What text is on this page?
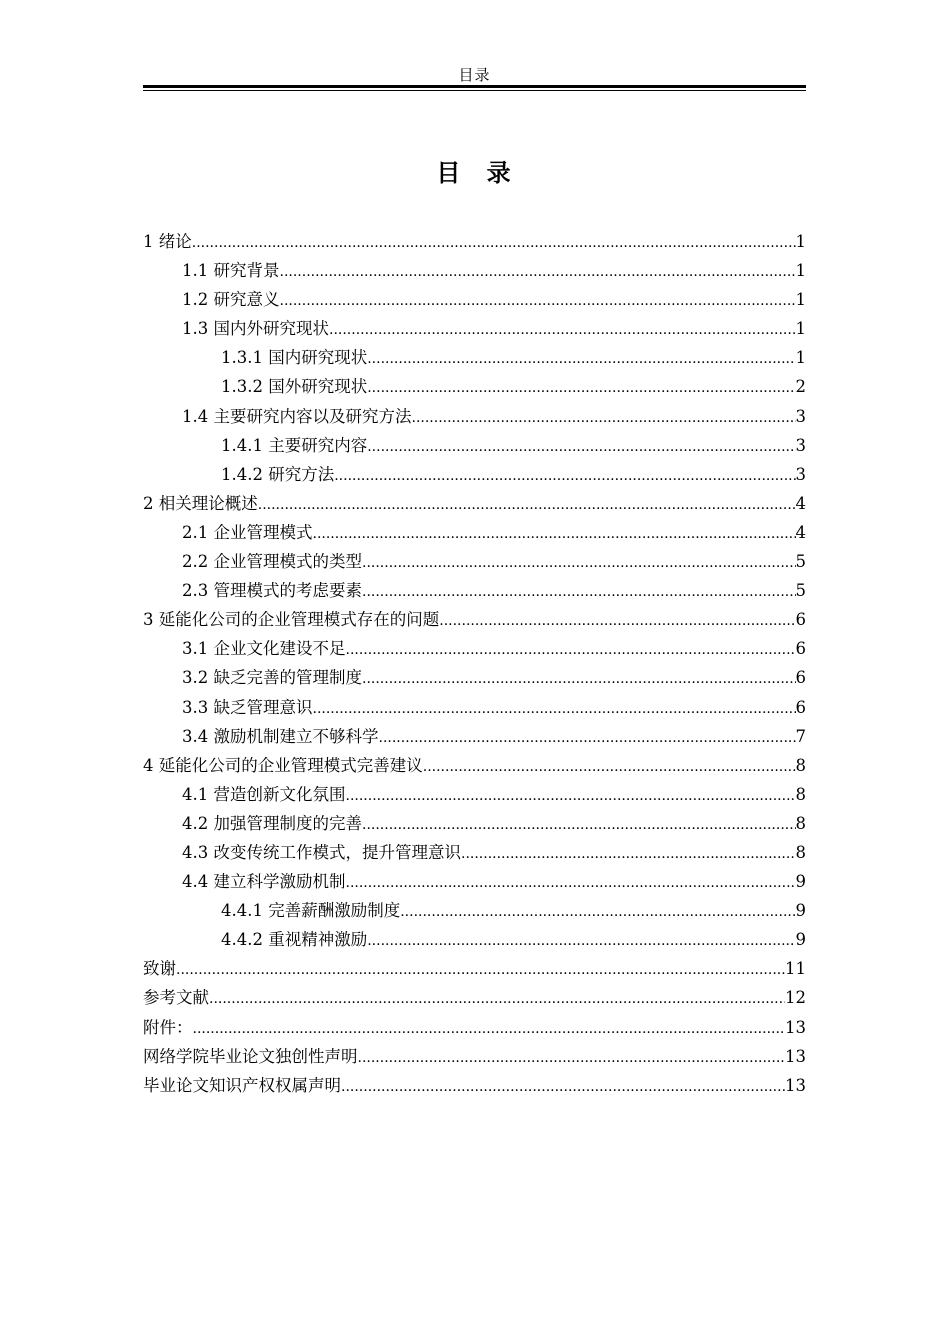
目录
目 录
1 绪论 .....	1
1.1 研究背景 .....	1
1.2 研究意义 .....	1
1.3 国内外研究现状 .....	1
1.3.1 国内研究现状 .....	1
1.3.2 国外研究现状 .....	2
1.4 主要研究内容以及研究方法 .....	3
1.4.1 主要研究内容 .....	3
1.4.2 研究方法 .....	3
2 相关理论概述 .....	4
2.1 企业管理模式 .....	4
2.2 企业管理模式的类型 .....	5
2.3 管理模式的考虑要素 .....	5
3 延能化公司的企业管理模式存在的问题 .....	6
3.1 企业文化建设不足 .....	6
3.2 缺乏完善的管理制度 .....	6
3.3 缺乏管理意识 .....	6
3.4 激励机制建立不够科学 .....	7
4 延能化公司的企业管理模式完善建议 .....	8
4.1 营造创新文化氛围 .....	8
4.2 加强管理制度的完善 .....	8
4.3 改变传统工作模式，提升管理意识 .....	8
4.4 建立科学激励机制 .....	9
4.4.1 完善薪酬激励制度 .....	9
4.4.2 重视精神激励 .....	9
致谢 .....	11
参考文献 .....	12
附件： .....	13
网络学院毕业论文独创性声明 .....	13
毕业论文知识产权权属声明 .....	13
